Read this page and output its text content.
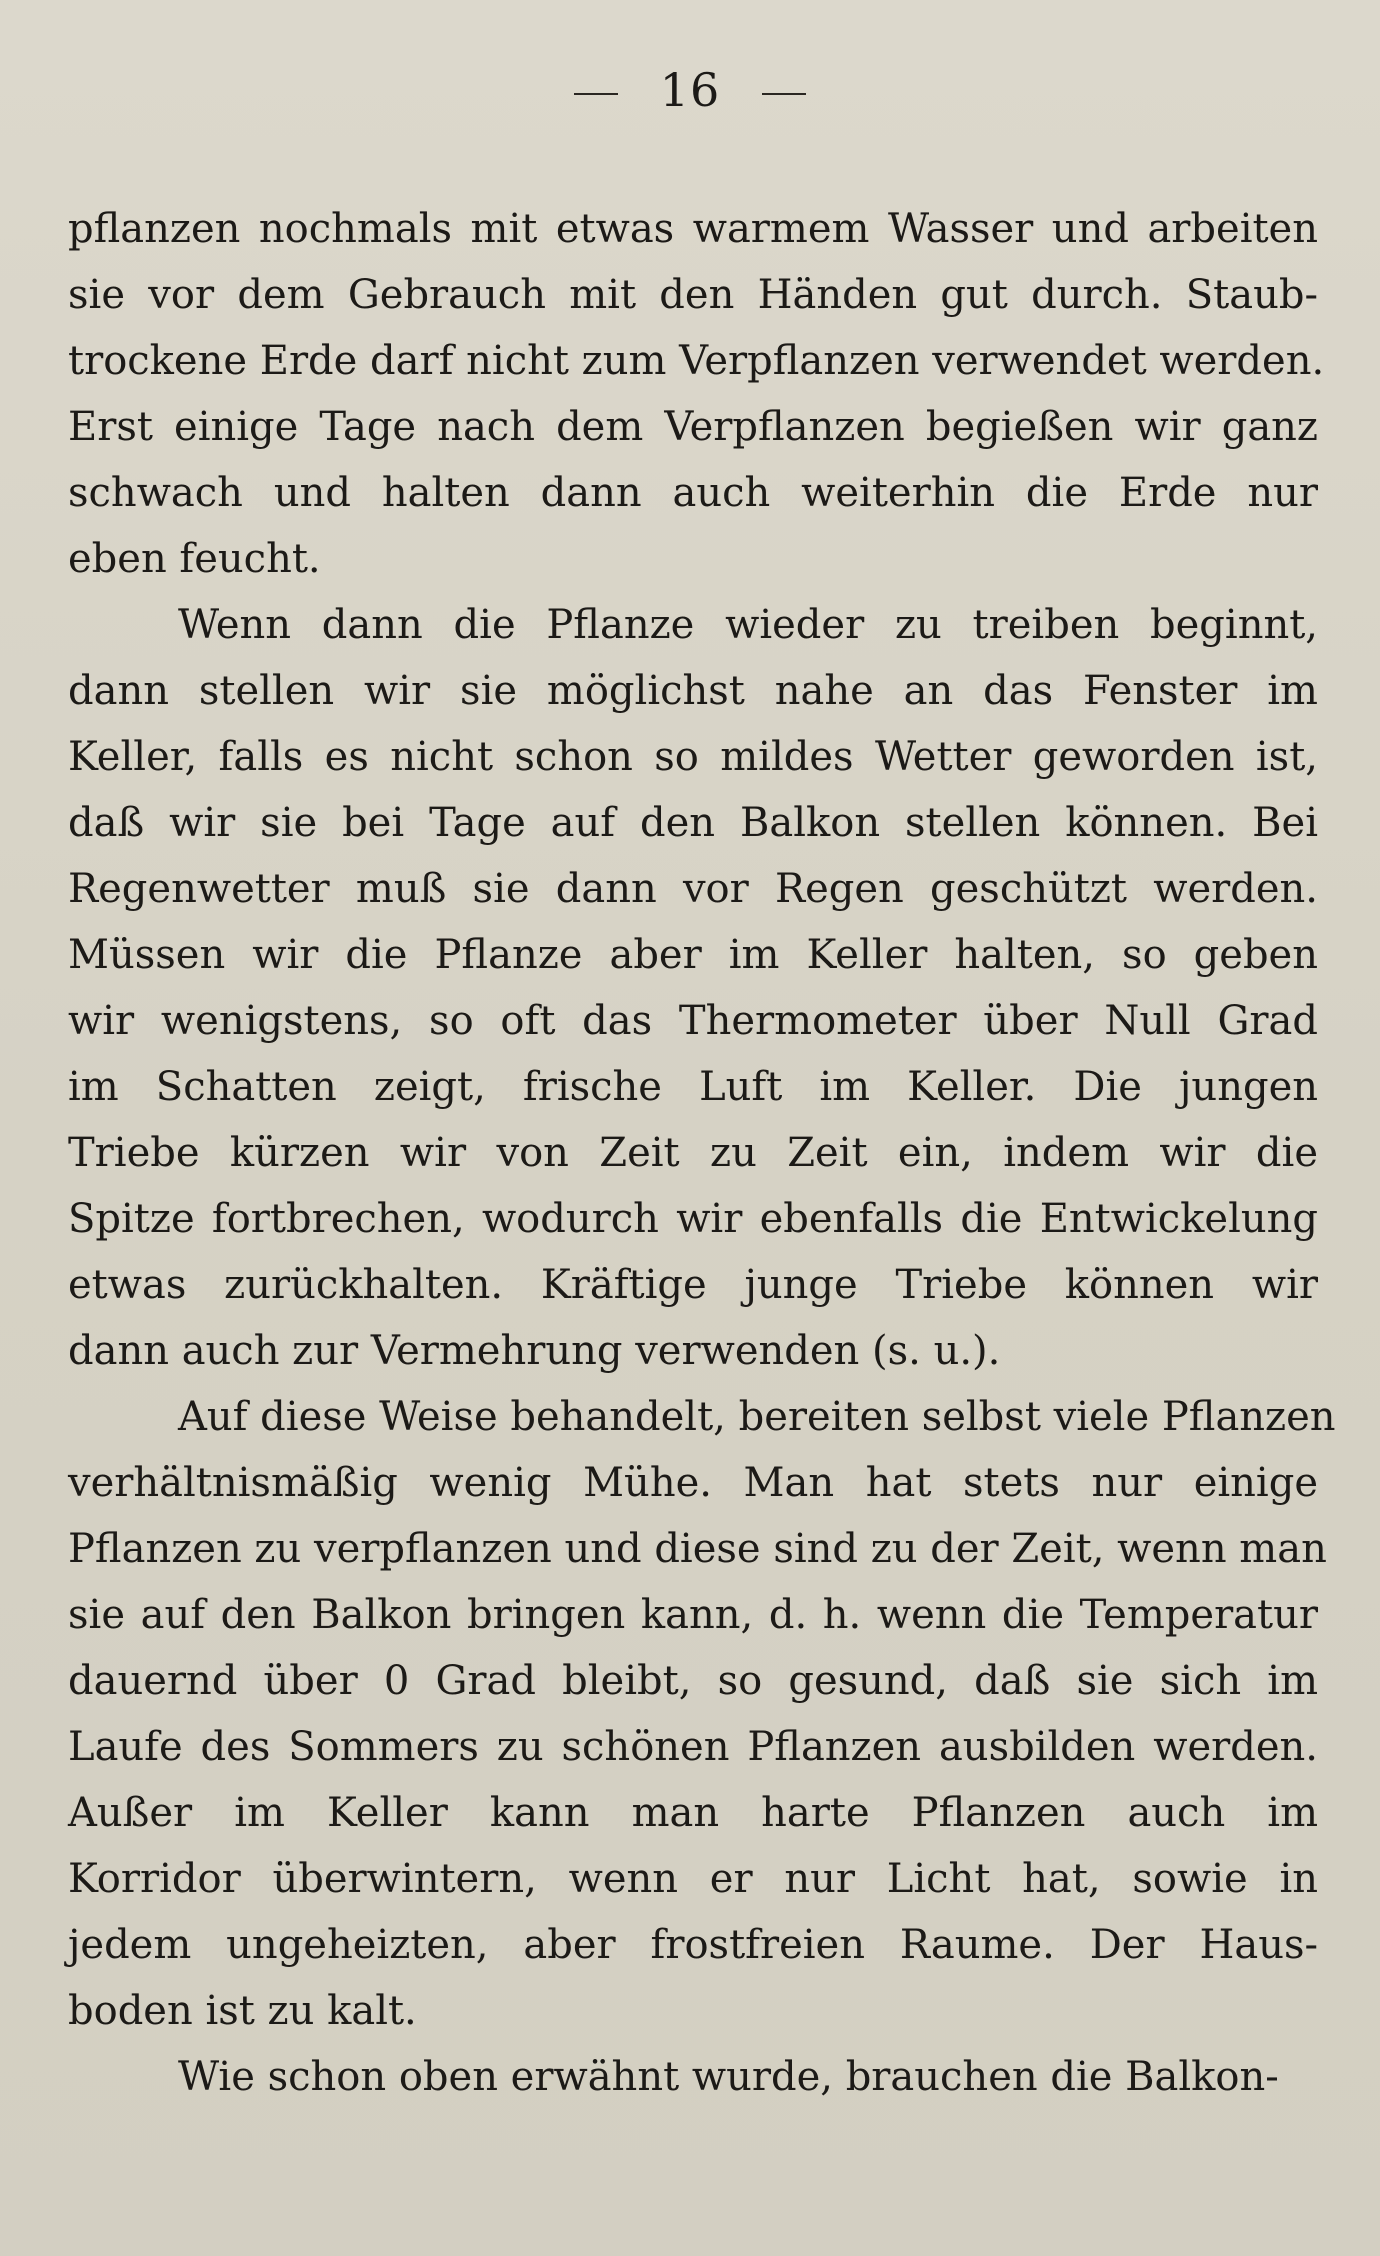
16
pflanzen nochmals mit etwas warmem Wasser und arbeiten
sie vor dem Gebrauch mit den Händen gut durch. Staub-
trockene Erde darf nicht zum Verpflanzen verwendet werden.
Erst einige Tage nach dem Verpflanzen begießen wir ganz
schwach und halten dann auch weiterhin die Erde nur
eben feucht.
Wenn dann die Pflanze wieder zu treiben beginnt,
dann stellen wir sie möglichst nahe an das Fenster im
Keller, falls es nicht schon so mildes Wetter geworden ist,
daß wir sie bei Tage auf den Balkon stellen können. Bei
Regenwetter muß sie dann vor Regen geschützt werden.
Müssen wir die Pflanze aber im Keller halten, so geben
wir wenigstens, so oft das Thermometer über Null Grad
im Schatten zeigt, frische Luft im Keller. Die jungen
Triebe kürzen wir von Zeit zu Zeit ein, indem wir die
Spitze fortbrechen, wodurch wir ebenfalls die Entwickelung
etwas zurückhalten. Kräftige junge Triebe können wir
dann auch zur Vermehrung verwenden (s. u.).
Auf diese Weise behandelt, bereiten selbst viele Pflanzen
verhältnismäßig wenig Mühe. Man hat stets nur einige
Pflanzen zu verpflanzen und diese sind zu der Zeit, wenn man
sie auf den Balkon bringen kann, d. h. wenn die Temperatur
dauernd über 0 Grad bleibt, so gesund, daß sie sich im
Laufe des Sommers zu schönen Pflanzen ausbilden werden.
Außer im Keller kann man harte Pflanzen auch im
Korridor überwintern, wenn er nur Licht hat, sowie in
jedem ungeheizten, aber frostfreien Raume. Der Haus-
boden ist zu kalt.
Wie schon oben erwähnt wurde, brauchen die Balkon-
